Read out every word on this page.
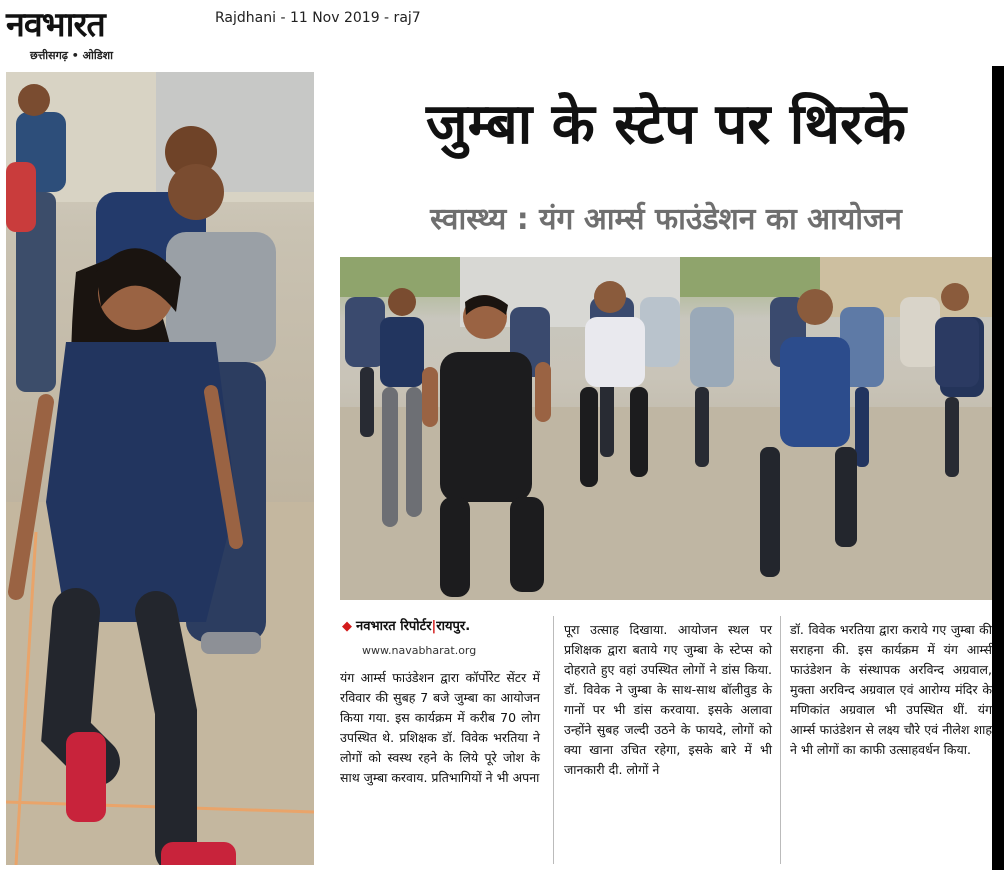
नवभारत
छत्तीसगढ़ • ओडिशा
Rajdhani - 11 Nov 2019 - raj7
जुम्बा के स्टेप पर थिरके
स्वास्थ्य : यंग आर्म्स फाउंडेशन का आयोजन
◆ नवभारत रिपोर्टर|रायपुर.
www.navabharat.org
यंग आर्म्स फाउंडेशन द्वारा कॉर्पोरेट सेंटर में रविवार की सुबह 7 बजे जुम्बा का आयोजन किया गया. इस कार्यक्रम में करीब 70 लोग उपस्थित थे. प्रशिक्षक डॉ. विवेक भरतिया ने लोगों को स्वस्थ रहने के लिये पूरे जोश के साथ जुम्बा करवाय. प्रतिभागियों ने भी अपना
पूरा उत्साह दिखाया. आयोजन स्थल पर प्रशिक्षक द्वारा बताये गए जुम्बा के स्टेप्स को दोहराते हुए वहां उपस्थित लोगों ने डांस किया. डॉ. विवेक ने जुम्बा के साथ-साथ बॉलीवुड के गानों पर भी डांस करवाया. इसके अलावा उन्होंने सुबह जल्दी उठने के फायदे, लोगों को क्या खाना उचित रहेगा, इसके बारे में भी जानकारी दी. लोगों ने
डॉ. विवेक भरतिया द्वारा कराये गए जुम्बा की सराहना की. इस कार्यक्रम में यंग आर्म्स फाउंडेशन के संस्थापक अरविन्द अग्रवाल, मुक्ता अरविन्द अग्रवाल एवं आरोग्य मंदिर के मणिकांत अग्रवाल भी उपस्थित थीं. यंग आर्म्स फाउंडेशन से लक्ष्य चौरे एवं नीलेश शाह ने भी लोगों का काफी उत्साहवर्धन किया.
